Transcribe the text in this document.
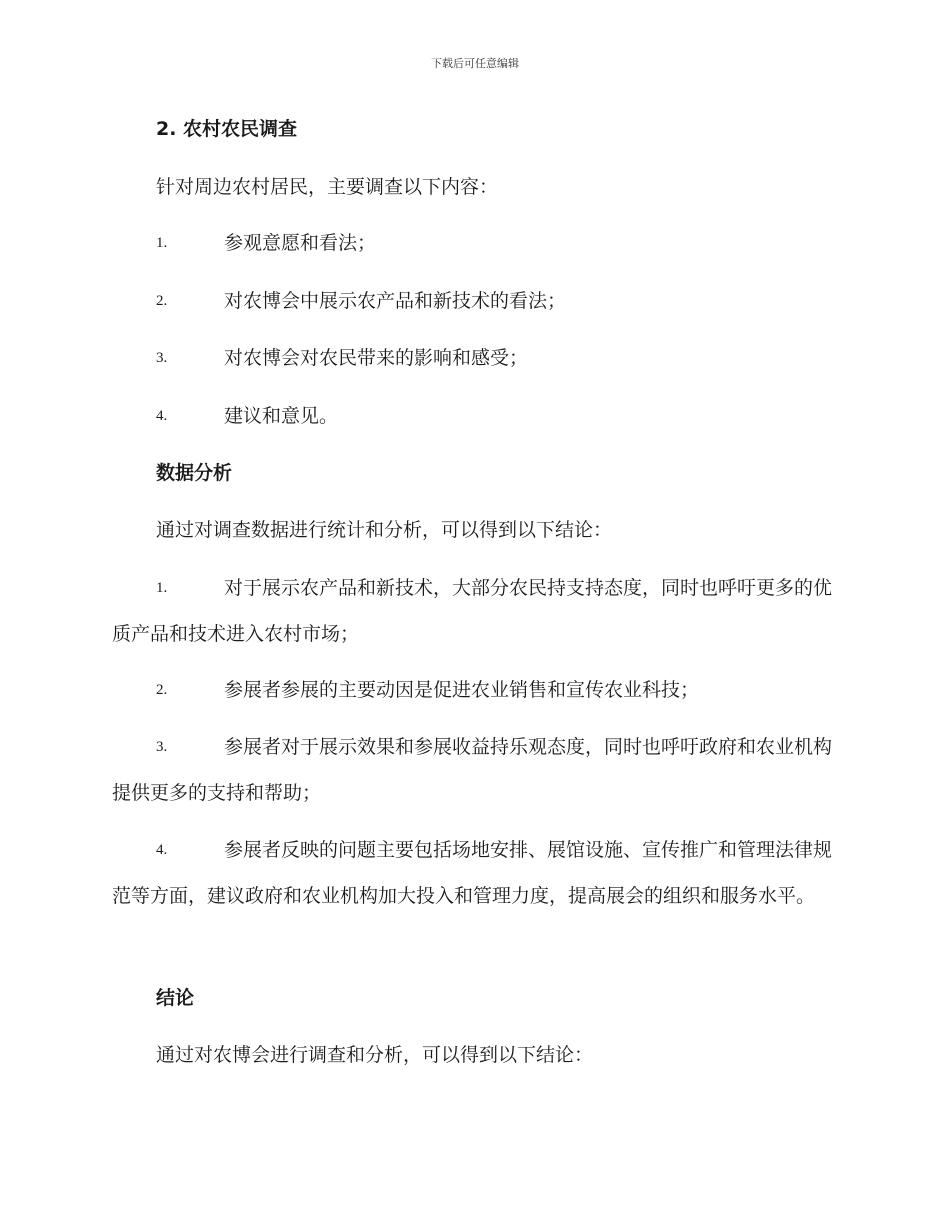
下载后可任意编辑
2. 农村农民调查
针对周边农村居民，主要调查以下内容：
1.	参观意愿和看法；
2.	对农博会中展示农产品和新技术的看法；
3.	对农博会对农民带来的影响和感受；
4.	建议和意见。
数据分析
通过对调查数据进行统计和分析，可以得到以下结论：
1.	对于展示农产品和新技术，大部分农民持支持态度，同时也呼吁更多的优质产品和技术进入农村市场；
2.	参展者参展的主要动因是促进农业销售和宣传农业科技；
3.	参展者对于展示效果和参展收益持乐观态度，同时也呼吁政府和农业机构提供更多的支持和帮助；
4.	参展者反映的问题主要包括场地安排、展馆设施、宣传推广和管理法律规范等方面，建议政府和农业机构加大投入和管理力度，提高展会的组织和服务水平。
结论
通过对农博会进行调查和分析，可以得到以下结论：
